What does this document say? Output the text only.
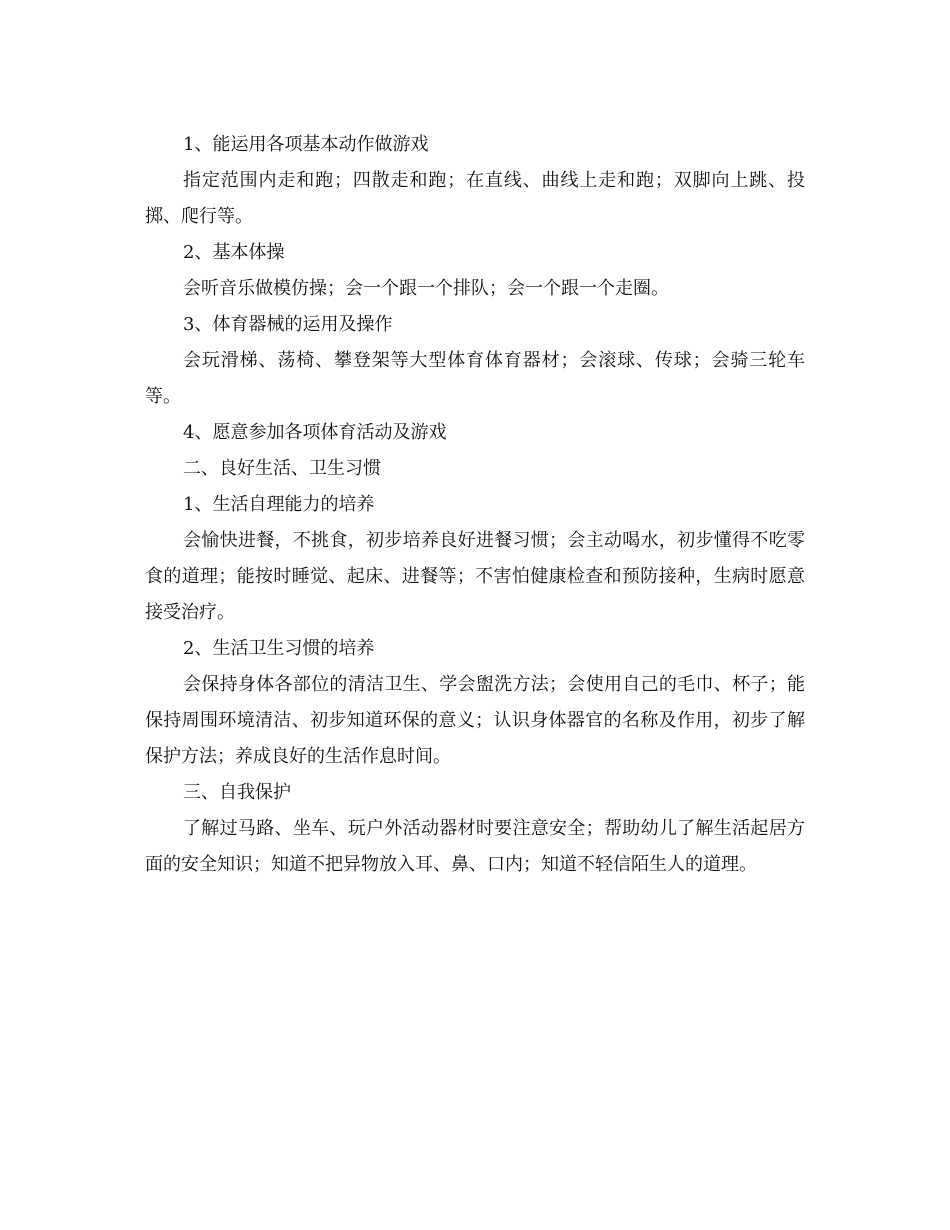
1、能运用各项基本动作做游戏

指定范围内走和跑；四散走和跑；在直线、曲线上走和跑；双脚向上跳、投掷、爬行等。

2、基本体操

会听音乐做模仿操；会一个跟一个排队；会一个跟一个走圈。

3、体育器械的运用及操作

会玩滑梯、荡椅、攀登架等大型体育体育器材；会滚球、传球；会骑三轮车等。

4、愿意参加各项体育活动及游戏

二、良好生活、卫生习惯

1、生活自理能力的培养

会愉快进餐，不挑食，初步培养良好进餐习惯；会主动喝水，初步懂得不吃零食的道理；能按时睡觉、起床、进餐等；不害怕健康检查和预防接种，生病时愿意接受治疗。

2、生活卫生习惯的培养

会保持身体各部位的清洁卫生、学会盥洗方法；会使用自己的毛巾、杯子；能保持周围环境清洁、初步知道环保的意义；认识身体器官的名称及作用，初步了解保护方法；养成良好的生活作息时间。

三、自我保护

了解过马路、坐车、玩户外活动器材时要注意安全；帮助幼儿了解生活起居方面的安全知识；知道不把异物放入耳、鼻、口内；知道不轻信陌生人的道理。
